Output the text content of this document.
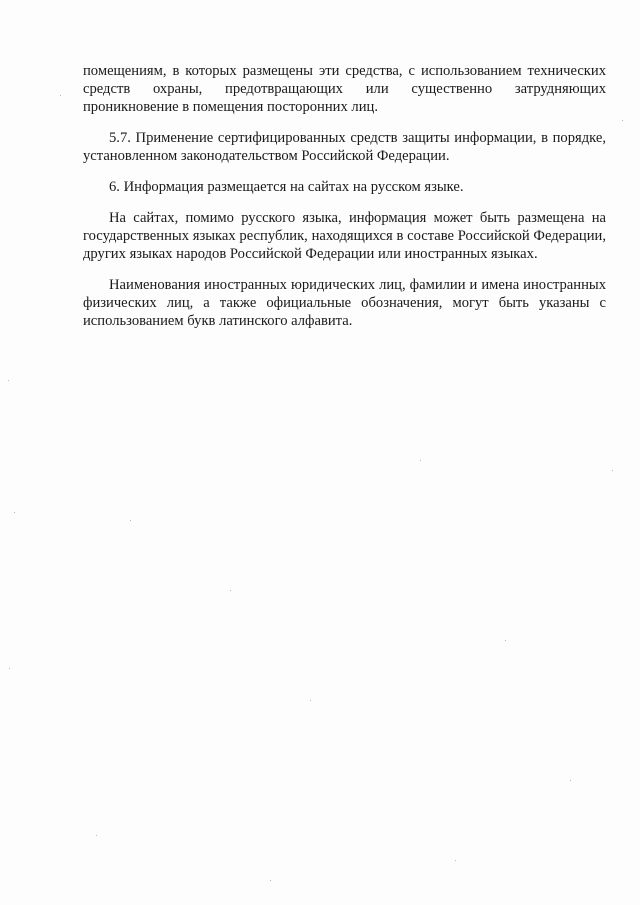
помещениям, в которых размещены эти средства, с использованием технических средств охраны, предотвращающих или существенно затрудняющих проникновение в помещения посторонних лиц.

5.7. Применение сертифицированных средств защиты информации, в порядке, установленном законодательством Российской Федерации.

6. Информация размещается на сайтах на русском языке.

На сайтах, помимо русского языка, информация может быть размещена на государственных языках республик, находящихся в составе Российской Федерации, других языках народов Российской Федерации или иностранных языках.

Наименования иностранных юридических лиц, фамилии и имена иностранных физических лиц, а также официальные обозначения, могут быть указаны с использованием букв латинского алфавита.
